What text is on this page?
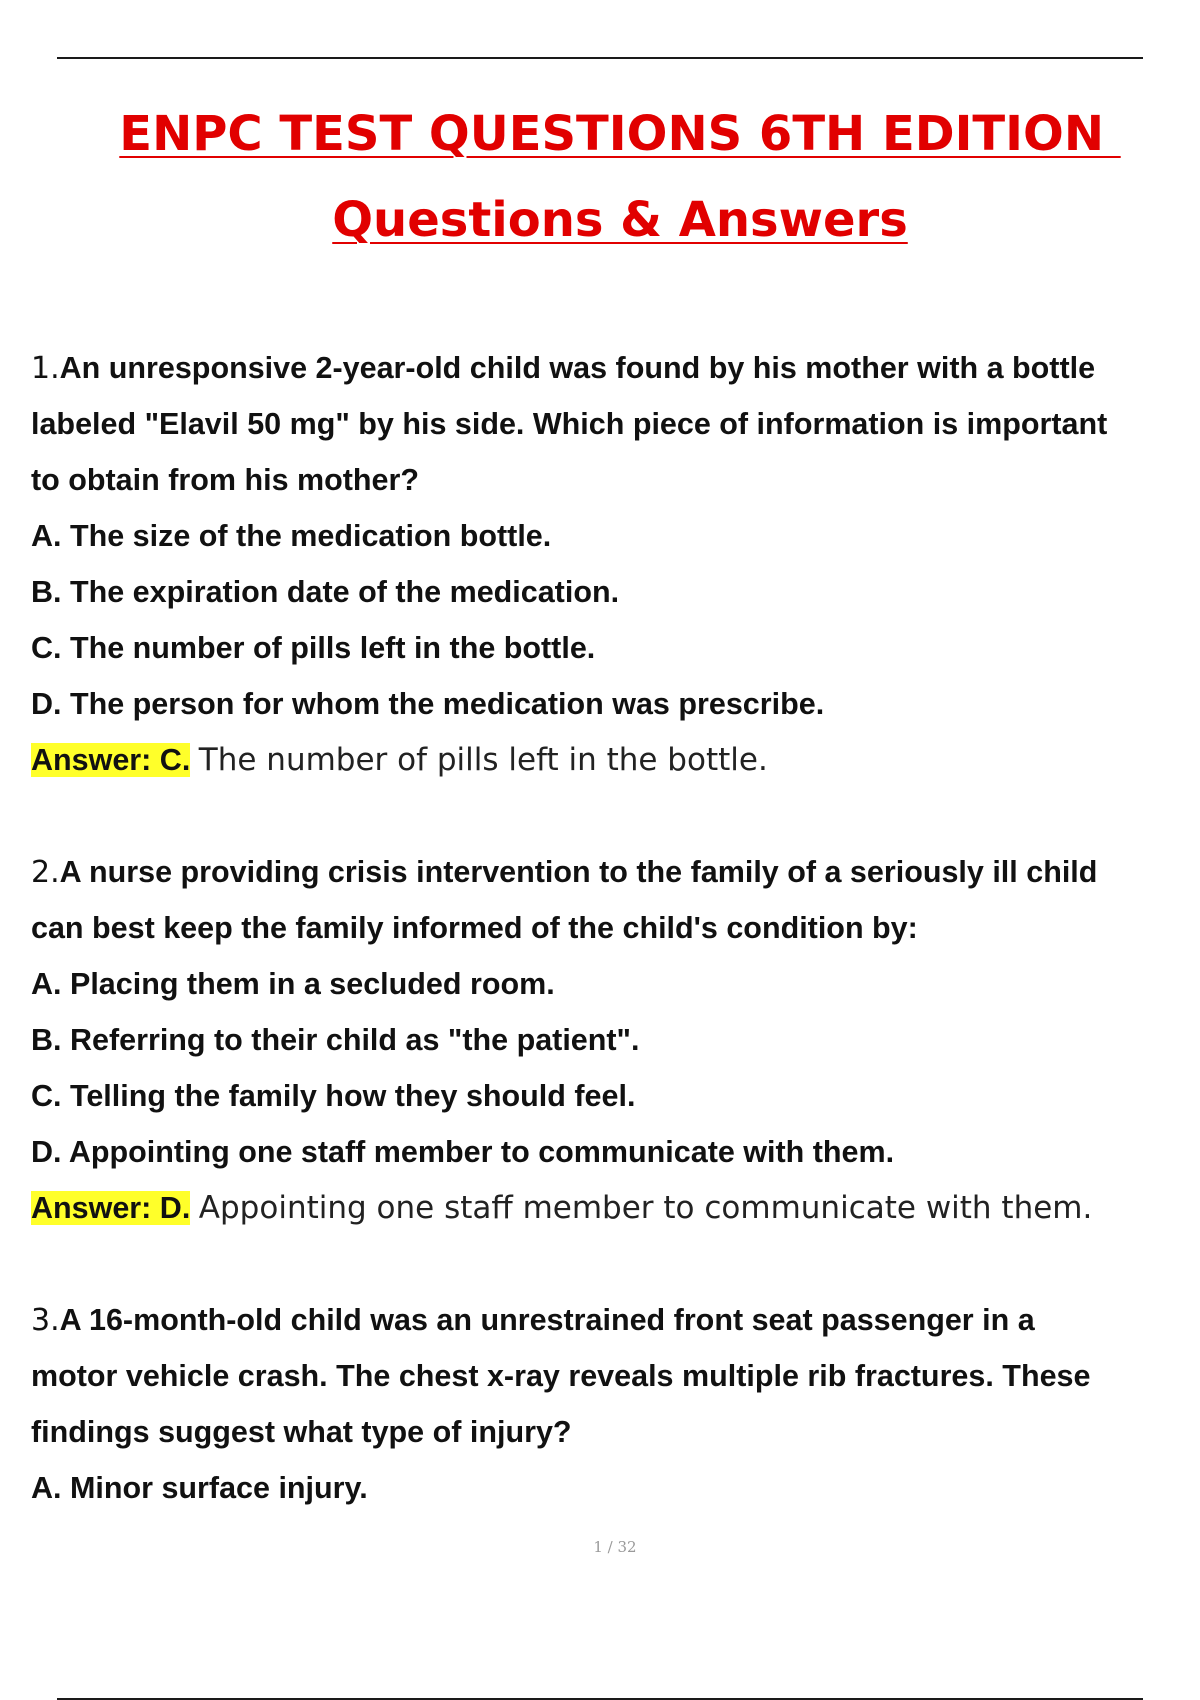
ENPC TEST QUESTIONS 6TH EDITION
Questions & Answers
1.An unresponsive 2-year-old child was found by his mother with a bottle
labeled "Elavil 50 mg" by his side. Which piece of information is important
to obtain from his mother?
A. The size of the medication bottle.
B. The expiration date of the medication.
C. The number of pills left in the bottle.
D. The person for whom the medication was prescribe.
Answer: C. The number of pills left in the bottle.
2.A nurse providing crisis intervention to the family of a seriously ill child
can best keep the family informed of the child's condition by:
A. Placing them in a secluded room.
B. Referring to their child as "the patient".
C. Telling the family how they should feel.
D. Appointing one staff member to communicate with them.
Answer: D. Appointing one staff member to communicate with them.
3.A 16-month-old child was an unrestrained front seat passenger in a
motor vehicle crash. The chest x-ray reveals multiple rib fractures. These
findings suggest what type of injury?
A. Minor surface injury.
1 / 32
